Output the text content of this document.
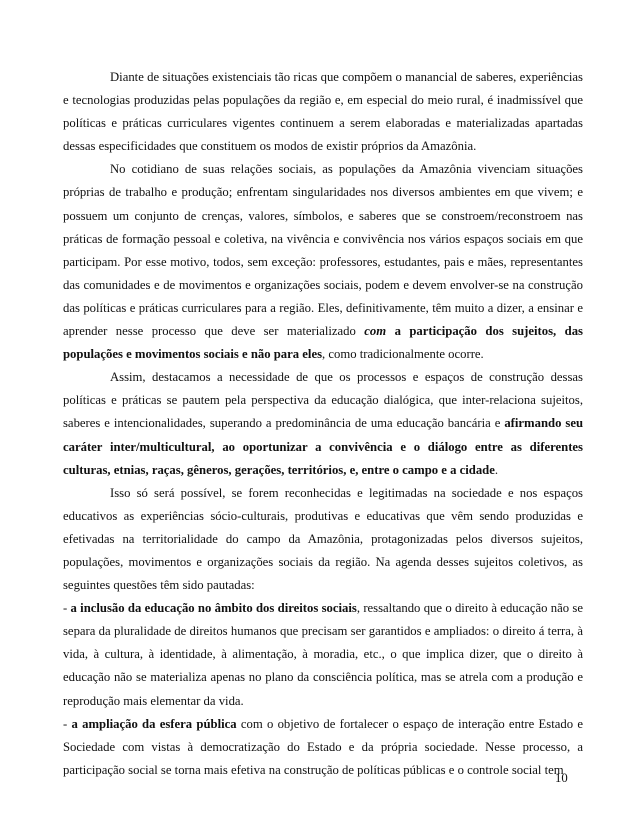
Diante de situações existenciais tão ricas que compõem o manancial de saberes, experiências e tecnologias produzidas pelas populações da região e, em especial do meio rural, é inadmissível que políticas e práticas curriculares vigentes continuem a serem elaboradas e materializadas apartadas dessas especificidades que constituem os modos de existir próprios da Amazônia.

No cotidiano de suas relações sociais, as populações da Amazônia vivenciam situações próprias de trabalho e produção; enfrentam singularidades nos diversos ambientes em que vivem; e possuem um conjunto de crenças, valores, símbolos, e saberes que se constroem/reconstroem nas práticas de formação pessoal e coletiva, na vivência e convivência nos vários espaços sociais em que participam. Por esse motivo, todos, sem exceção: professores, estudantes, pais e mães, representantes das comunidades e de movimentos e organizações sociais, podem e devem envolver-se na construção das políticas e práticas curriculares para a região. Eles, definitivamente, têm muito a dizer, a ensinar e aprender nesse processo que deve ser materializado com a participação dos sujeitos, das populações e movimentos sociais e não para eles, como tradicionalmente ocorre.

Assim, destacamos a necessidade de que os processos e espaços de construção dessas políticas e práticas se pautem pela perspectiva da educação dialógica, que inter-relaciona sujeitos, saberes e intencionalidades, superando a predominância de uma educação bancária e afirmando seu caráter inter/multicultural, ao oportunizar a convivência e o diálogo entre as diferentes culturas, etnias, raças, gêneros, gerações, territórios, e, entre o campo e a cidade.

Isso só será possível, se forem reconhecidas e legitimadas na sociedade e nos espaços educativos as experiências sócio-culturais, produtivas e educativas que vêm sendo produzidas e efetivadas na territorialidade do campo da Amazônia, protagonizadas pelos diversos sujeitos, populações, movimentos e organizações sociais da região. Na agenda desses sujeitos coletivos, as seguintes questões têm sido pautadas:

- a inclusão da educação no âmbito dos direitos sociais, ressaltando que o direito à educação não se separa da pluralidade de direitos humanos que precisam ser garantidos e ampliados: o direito á terra, à vida, à cultura, à identidade, à alimentação, à moradia, etc., o que implica dizer, que o direito à educação não se materializa apenas no plano da consciência política, mas se atrela com a produção e reprodução mais elementar da vida.

- a ampliação da esfera pública com o objetivo de fortalecer o espaço de interação entre Estado e Sociedade com vistas à democratização do Estado e da própria sociedade. Nesse processo, a participação social se torna mais efetiva na construção de políticas públicas e o controle social tem

10
